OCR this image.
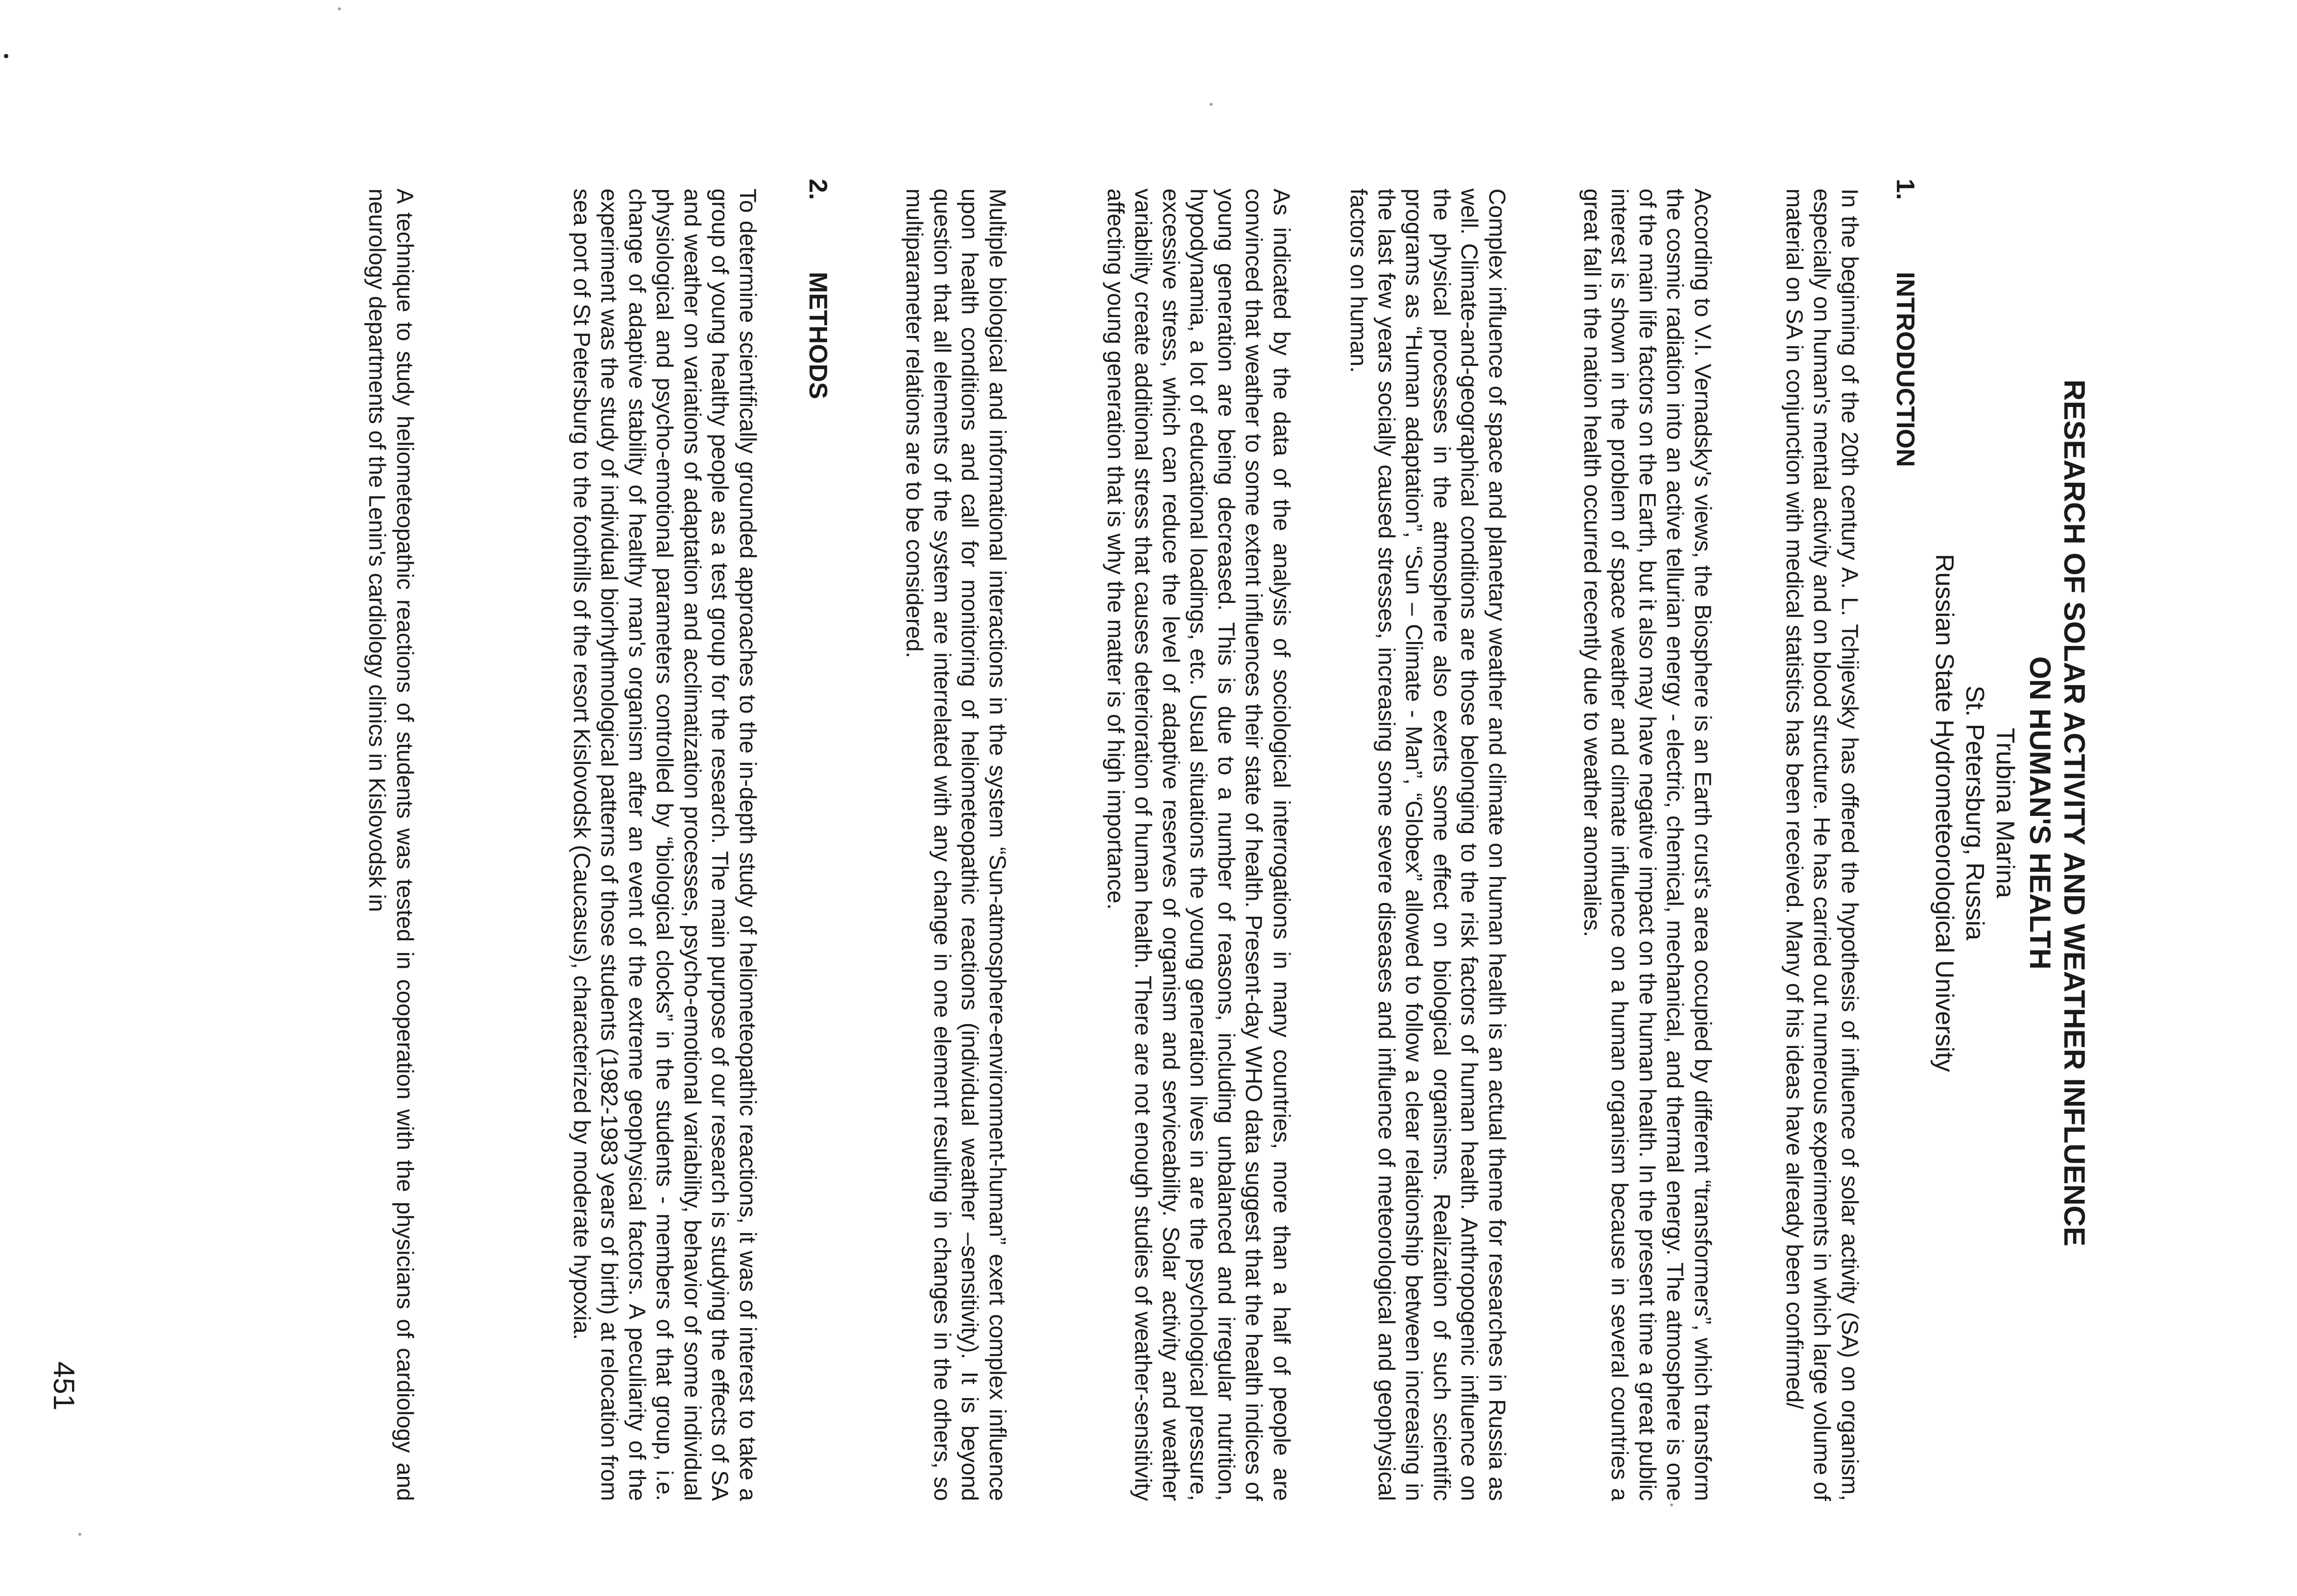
RESEARCH OF SOLAR ACTIVITY AND WEATHER INFLUENCE
ON HUMAN'S HEALTH

Trubina Marina

St. Petersburg, Russia

Russian State Hydrometeorological University

1.INTRODUCTION

In the beginning of the 20th century A. L. Tchijevsky has offered the hypothesis of influence of solar activity (SA) on organism, especially on human's mental activity and on blood structure. He has carried out numerous experiments in which large volume of material on SA in conjunction with medical statistics has been received. Many of his ideas have already been confirmed/

According to V.I. Vernadsky's views, the Biosphere is an Earth crust's area occupied by different “transformers”, which transform the cosmic radiation into an active tellurian energy - electric, chemical, mechanical, and thermal energy. The atmosphere is one of the main life factors on the Earth, but it also may have negative impact on the human health. In the present time a great public interest is shown in the problem of space weather and climate influence on a human organism because in several countries a great fall in the nation health occurred recently due to weather anomalies.

Complex influence of space and planetary weather and climate on human health is an actual theme for researches in Russia as well. Climate-and-geographical conditions are those belonging to the risk factors of human health. Anthropogenic influence on the physical processes in the atmosphere also exerts some effect on biological organisms. Realization of such scientific programs as “Human adaptation”, “Sun – Climate - Man”, “Globex” allowed to follow a clear relationship between increasing in the last few years socially caused stresses, increasing some severe diseases and influence of meteorological and geophysical factors on human.

As indicated by the data of the analysis of sociological interrogations in many countries, more than a half of people are convinced that weather to some extent influences their state of health. Present-day WHO data suggest that the health indices of young generation are being decreased. This is due to a number of reasons, including unbalanced and irregular nutrition, hypodynamia, a lot of educational loadings, etc. Usual situations the young generation lives in are the psychological pressure, excessive stress, which can reduce the level of adaptive reserves of organism and serviceability. Solar activity and weather variability create additional stress that causes deterioration of human health. There are not enough studies of weather-sensitivity affecting young generation that is why the matter is of high importance.

Multiple biological and informational interactions in the system “Sun-atmosphere-environment-human” exert complex influence upon health conditions and call for monitoring of heliometeopathic reactions (individual weather –sensitivity). It is beyond question that all elements of the system are interrelated with any change in one element resulting in changes in the others, so multiparameter relations are to be considered.

2.METHODS

To determine scientifically grounded approaches to the in-depth study of heliometeopathic reactions, it was of interest to take a group of young healthy people as a test group for the research. The main purpose of our research is studying the effects of SA and weather on variations of adaptation and acclimatization processes, psycho-emotional variability, behavior of some individual physiological and psycho-emotional parameters controlled by “biological clocks” in the students - members of that group, i.e. change of adaptive stability of healthy man's organism after an event of the extreme geophysical factors. A peculiarity of the experiment was the study of individual biorhythmological patterns of those students (1982-1983 years of birth) at relocation from sea port of St Petersburg to the foothills of the resort Kislovodsk (Caucasus), characterized by moderate hypoxia.

A technique to study heliometeopathic reactions of students was tested in cooperation with the physicians of cardiology and neurology departments of the Lenin's cardiology clinics in Kislovodsk in

451
